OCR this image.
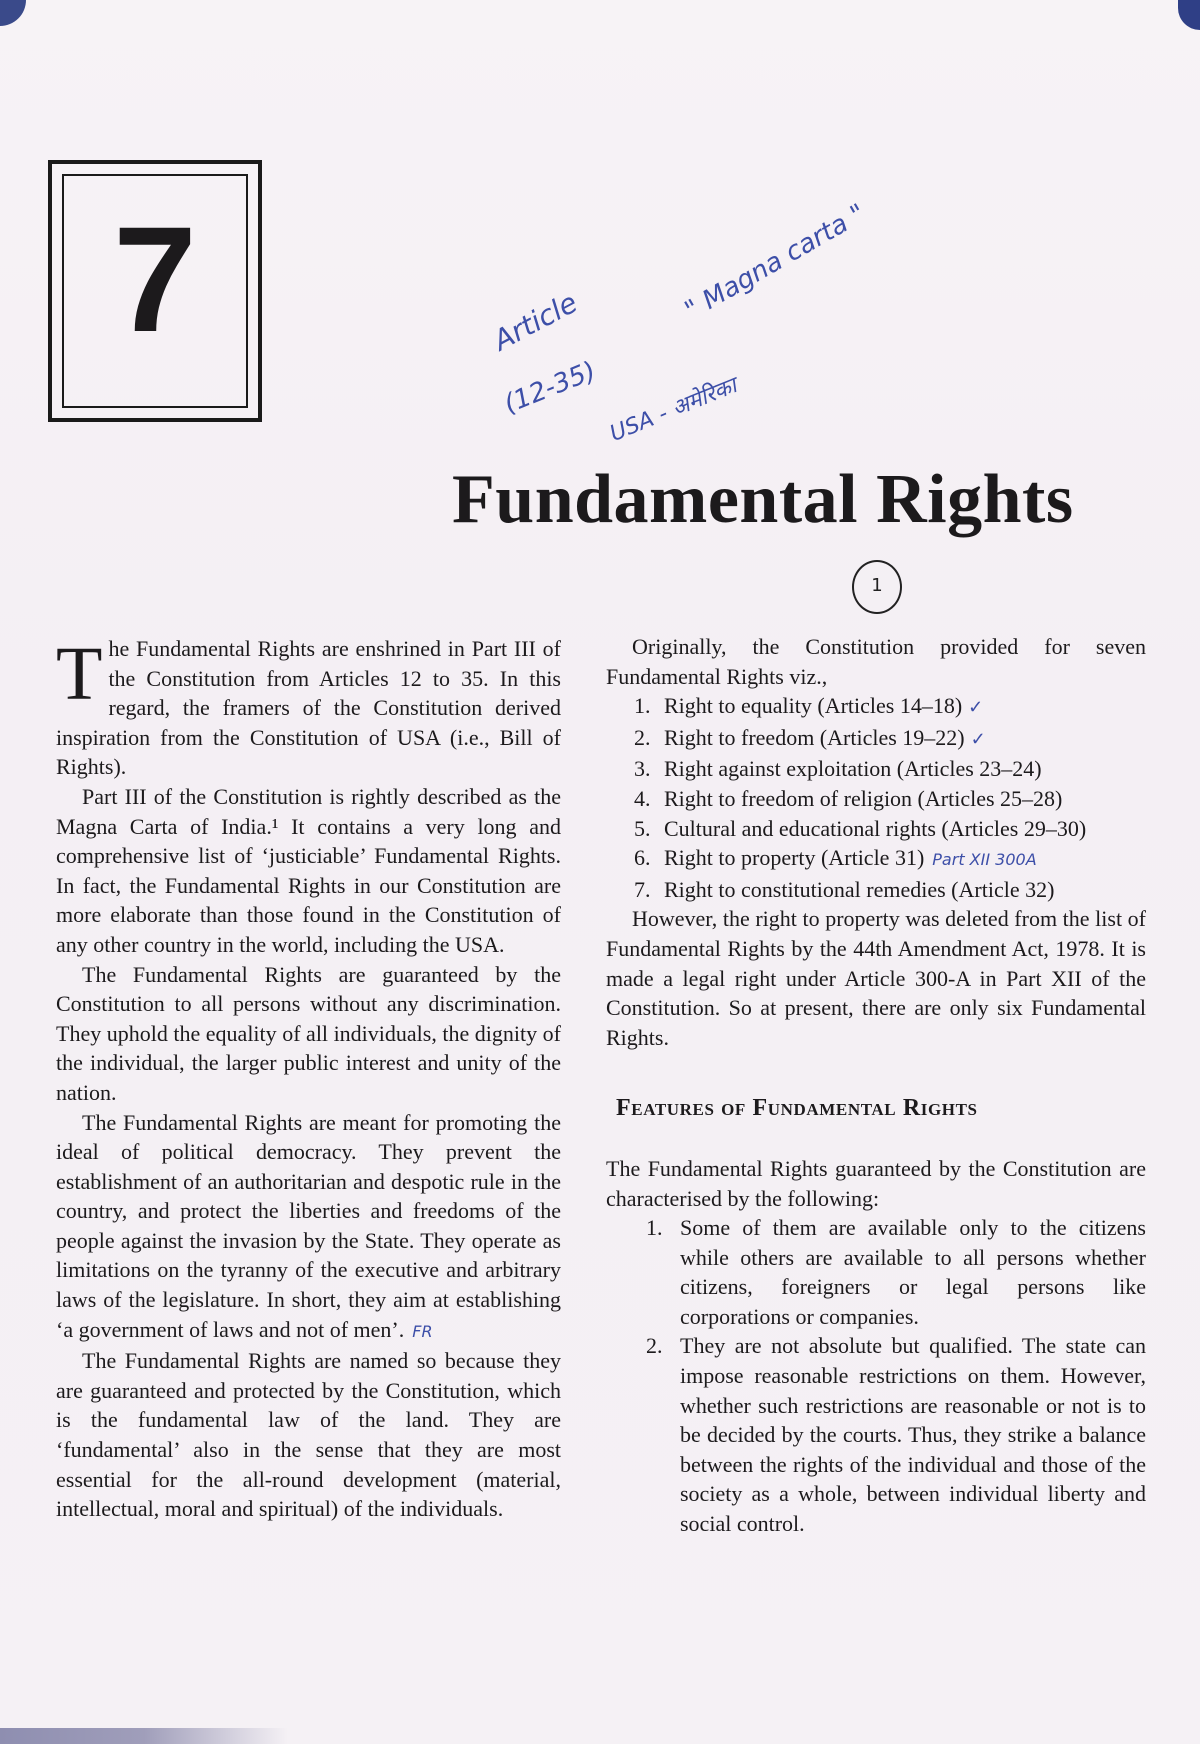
7	Article
(12-35) USA - अमेरिका
" Magna carta "
Fundamental Rights
1

The Fundamental Rights are enshrined in Part III of the Constitution from Articles 12 to 35. In this regard, the framers of the Constitution derived inspiration from the Constitution of USA (i.e., Bill of Rights).

Part III of the Constitution is rightly described as the Magna Carta of India.¹ It contains a very long and comprehensive list of ‘justiciable’ Fundamental Rights. In fact, the Fundamental Rights in our Constitution are more elaborate than those found in the Constitution of any other country in the world, including the USA.

The Fundamental Rights are guaranteed by the Constitution to all persons without any discrimination. They uphold the equality of all individuals, the dignity of the individual, the larger public interest and unity of the nation.

The Fundamental Rights are meant for promoting the ideal of political democracy. They prevent the establishment of an authoritarian and despotic rule in the country, and protect the liberties and freedoms of the people against the invasion by the State. They operate as limitations on the tyranny of the executive and arbitrary laws of the legislature. In short, they aim at establishing ‘a government of laws and not of men’. FR

The Fundamental Rights are named so because they are guaranteed and protected by the Constitution, which is the fundamental law of the land. They are ‘fundamental’ also in the sense that they are most essential for the all-round development (material, intellectual, moral and spiritual) of the individuals.

Originally, the Constitution provided for seven Fundamental Rights viz.,

1. Right to equality (Articles 14–18) ✓
2. Right to freedom (Articles 19–22) ✓
3. Right against exploitation (Articles 23–24)
4. Right to freedom of religion (Articles 25–28)
5. Cultural and educational rights (Articles 29–30)
6. Right to property (Article 31) Part XII 300A
7. Right to constitutional remedies (Article 32)

However, the right to property was deleted from the list of Fundamental Rights by the 44th Amendment Act, 1978. It is made a legal right under Article 300-A in Part XII of the Constitution. So at present, there are only six Fundamental Rights.

Features of Fundamental Rights

The Fundamental Rights guaranteed by the Constitution are characterised by the following:

1. Some of them are available only to the citizens while others are available to all persons whether citizens, foreigners or legal persons like corporations or companies.
2. They are not absolute but qualified. The state can impose reasonable restrictions on them. However, whether such restrictions are reasonable or not is to be decided by the courts. Thus, they strike a balance between the rights of the individual and those of the society as a whole, between individual liberty and social control.
